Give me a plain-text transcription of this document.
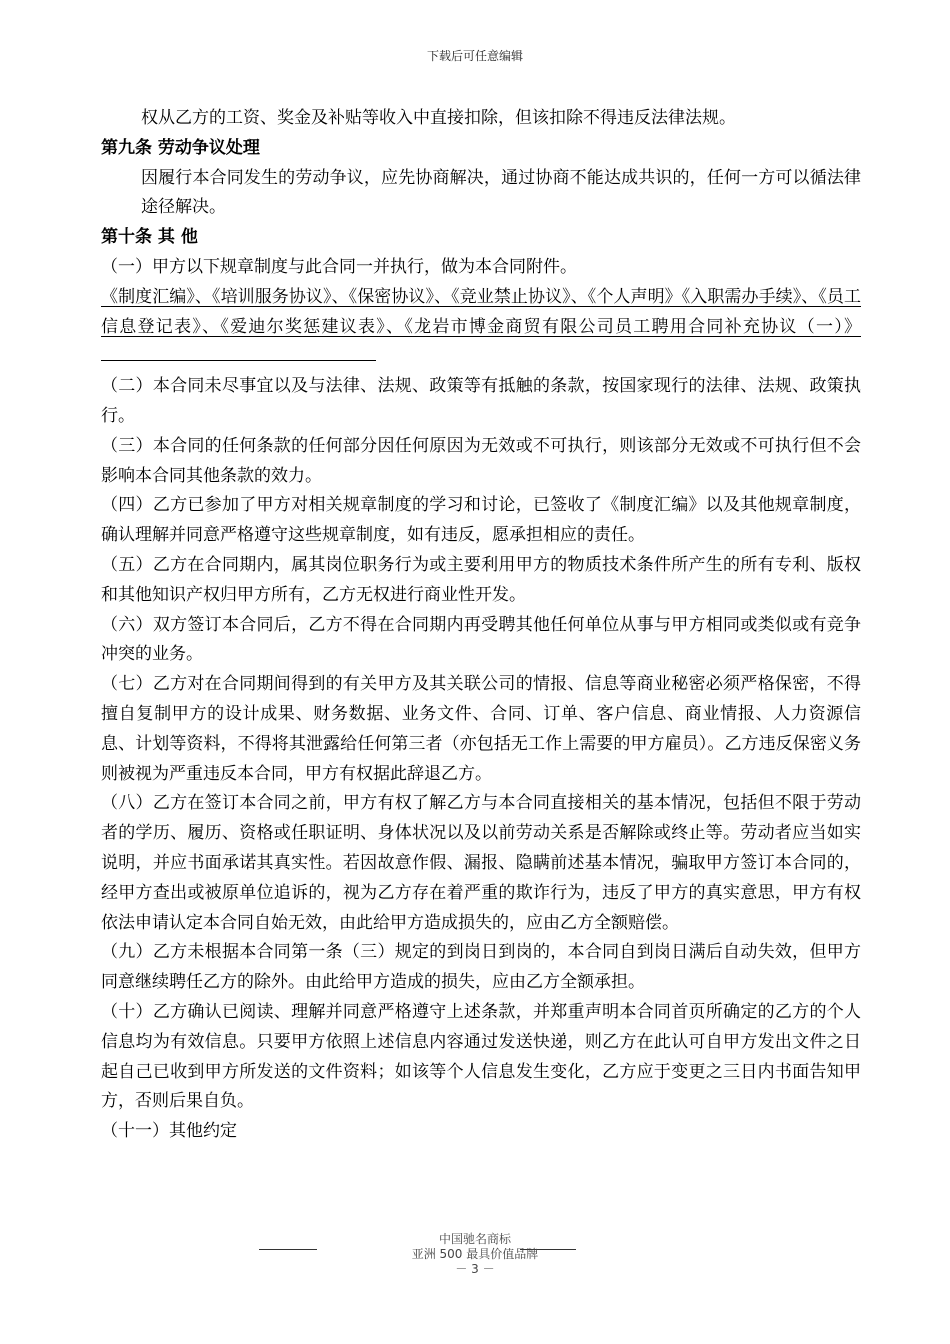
下载后可任意编辑

权从乙方的工资、奖金及补贴等收入中直接扣除，但该扣除不得违反法律法规。

第九条 劳动争议处理

因履行本合同发生的劳动争议，应先协商解决，通过协商不能达成共识的，任何一方可以循法律途径解决。

第十条 其 他

（一）甲方以下规章制度与此合同一并执行，做为本合同附件。

《制度汇编》、《培训服务协议》、《保密协议》、《竞业禁止协议》、《个人声明》《入职需办手续》、《员工信息登记表》、《爱迪尔奖惩建议表》、《龙岩市博金商贸有限公司员工聘用合同补充协议（一）》

（二）本合同未尽事宜以及与法律、法规、政策等有抵触的条款，按国家现行的法律、法规、政策执行。

（三）本合同的任何条款的任何部分因任何原因为无效或不可执行，则该部分无效或不可执行但不会影响本合同其他条款的效力。

（四）乙方已参加了甲方对相关规章制度的学习和讨论，已签收了《制度汇编》以及其他规章制度，确认理解并同意严格遵守这些规章制度，如有违反，愿承担相应的责任。

（五）乙方在合同期内，属其岗位职务行为或主要利用甲方的物质技术条件所产生的所有专利、版权和其他知识产权归甲方所有，乙方无权进行商业性开发。

（六）双方签订本合同后，乙方不得在合同期内再受聘其他任何单位从事与甲方相同或类似或有竞争冲突的业务。

（七）乙方对在合同期间得到的有关甲方及其关联公司的情报、信息等商业秘密必须严格保密，不得擅自复制甲方的设计成果、财务数据、业务文件、合同、订单、客户信息、商业情报、人力资源信息、计划等资料，不得将其泄露给任何第三者（亦包括无工作上需要的甲方雇员）。乙方违反保密义务则被视为严重违反本合同，甲方有权据此辞退乙方。

（八）乙方在签订本合同之前，甲方有权了解乙方与本合同直接相关的基本情况，包括但不限于劳动者的学历、履历、资格或任职证明、身体状况以及以前劳动关系是否解除或终止等。劳动者应当如实说明，并应书面承诺其真实性。若因故意作假、漏报、隐瞒前述基本情况，骗取甲方签订本合同的，经甲方查出或被原单位追诉的，视为乙方存在着严重的欺诈行为，违反了甲方的真实意思，甲方有权依法申请认定本合同自始无效，由此给甲方造成损失的，应由乙方全额赔偿。

（九）乙方未根据本合同第一条（三）规定的到岗日到岗的，本合同自到岗日满后自动失效，但甲方同意继续聘任乙方的除外。由此给甲方造成的损失，应由乙方全额承担。

（十）乙方确认已阅读、理解并同意严格遵守上述条款，并郑重声明本合同首页所确定的乙方的个人信息均为有效信息。只要甲方依照上述信息内容通过发送快递，则乙方在此认可自甲方发出文件之日起自己已收到甲方所发送的文件资料；如该等个人信息发生变化，乙方应于变更之三日内书面告知甲方，否则后果自负。

（十一）其他约定

中国驰名商标
亚洲 500 最具价值品牌
－ 3 －
